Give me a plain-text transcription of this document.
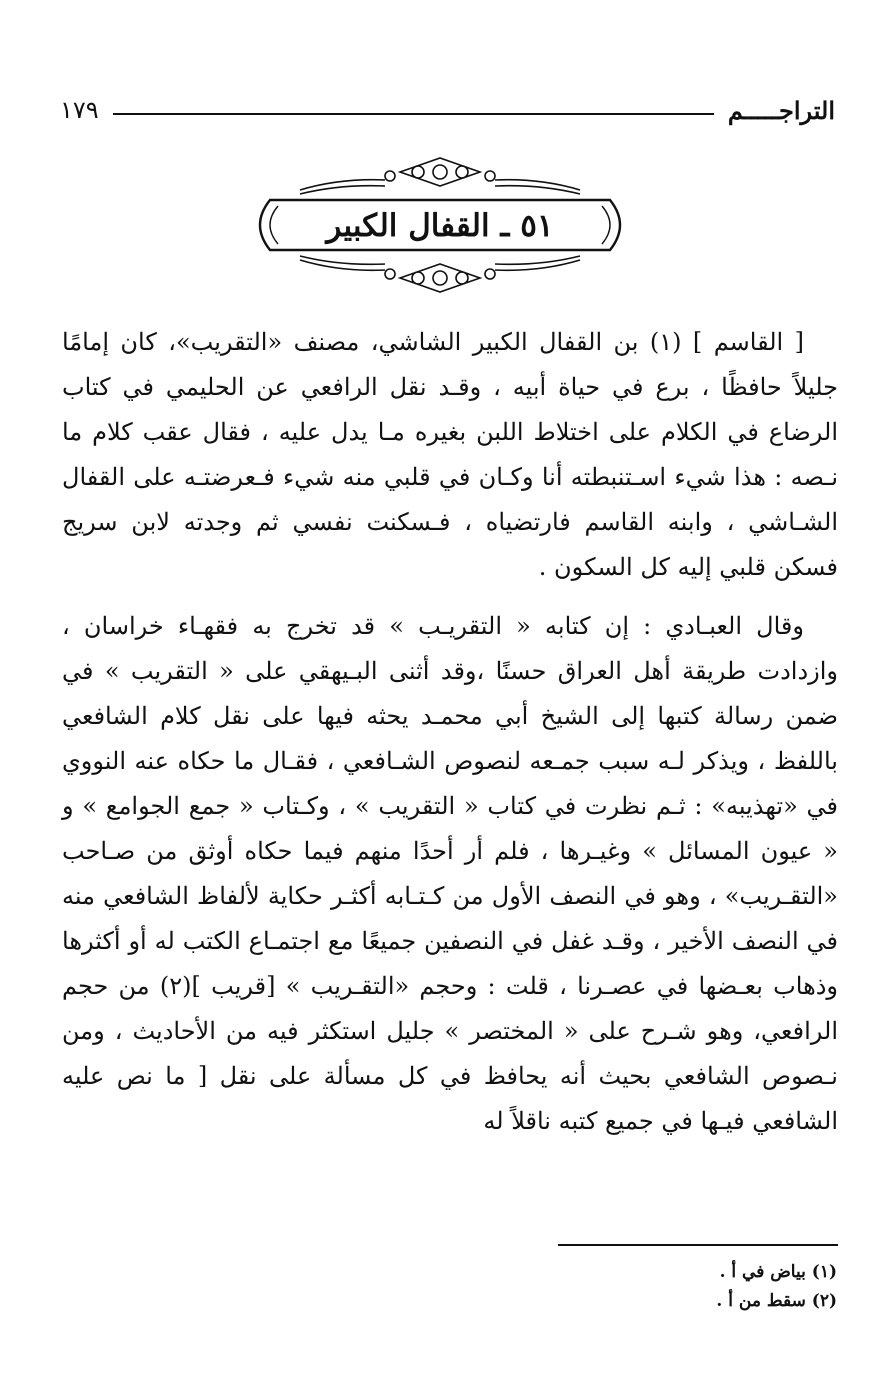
التراجـــــم
١٧٩
٥١ ـ القفال الكبير

[ القاسم ] (١) بن القفال الكبير الشاشي، مصنف «التقريب»، كان إمامًا جليلاً حافظًا ، برع في حياة أبيه ، وقـد نقل الرافعي عن الحليمي في كتاب الرضاع في الكلام على اختلاط اللبن بغيره مـا يدل عليه ، فقال عقب كلام ما نـصه : هذا شيء اسـتنبطته أنا وكـان في قلبي منه شيء فـعرضتـه على القفال الشـاشي ، وابنه القاسم فارتضياه ، فـسكنت نفسي ثم وجدته لابن سريج فسكن قلبي إليه كل السكون .

وقال العبـادي : إن كتابه « التقريـب » قد تخرج به فقهـاء خراسان ، وازدادت طريقة أهل العراق حسنًا ،وقد أثنى البـيهقي على « التقريب » في ضمن رسالة كتبها إلى الشيخ أبي محمـد يحثه فيها على نقل كلام الشافعي باللفظ ، ويذكر لـه سبب جمـعه لنصوص الشـافعي ، فقـال ما حكاه عنه النووي في «تهذيبه» : ثـم نظرت في كتاب « التقريب » ، وكـتاب « جمع الجوامع » و « عيون المسائل » وغيـرها ، فلم أر أحدًا منهم فيما حكاه أوثق من صـاحب «التقـريب» ، وهو في النصف الأول من كـتـابه أكثـر حكاية لألفاظ الشافعي منه في النصف الأخير ، وقـد غفل في النصفين جميعًا مع اجتمـاع الكتب له أو أكثرها وذهاب بعـضها في عصـرنا ، قلت : وحجم «التقـريب » [قريب ](٢) من حجم الرافعي، وهو شـرح على « المختصر » جليل استكثر فيه من الأحاديث ، ومن نـصوص الشافعي بحيث أنه يحافظ في كل مسألة على نقل [ ما نص عليه الشافعي فيـها في جميع كتبه ناقلاً له

(١) بياض في أ .
(٢) سقط من أ .
